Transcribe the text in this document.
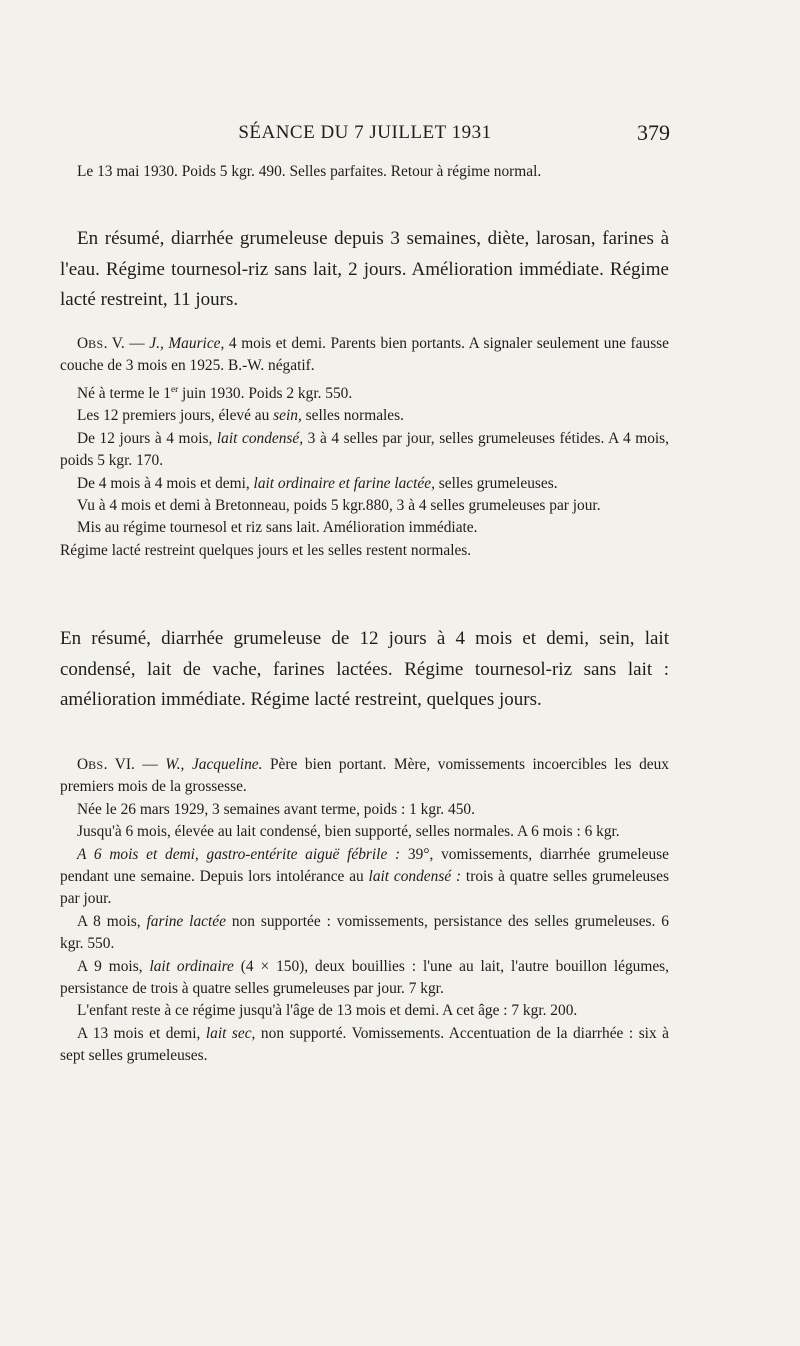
SÉANCE DU 7 JUILLET 1931	379

Le 13 mai 1930. Poids 5 kgr. 490. Selles parfaites. Retour à régime normal.

En résumé, diarrhée grumeleuse depuis 3 semaines, diète, larosan, farines à l'eau. Régime tournesol-riz sans lait, 2 jours. Amélioration immédiate. Régime lacté restreint, 11 jours.

OBS. V. — J., Maurice, 4 mois et demi. Parents bien portants. A signaler seulement une fausse couche de 3 mois en 1925. B.-W. négatif.

Né à terme le 1er juin 1930. Poids 2 kgr. 550.

Les 12 premiers jours, élevé au sein, selles normales.

De 12 jours à 4 mois, lait condensé, 3 à 4 selles par jour, selles grumeleuses fétides. A 4 mois, poids 5 kgr. 170.

De 4 mois à 4 mois et demi, lait ordinaire et farine lactée, selles grumeleuses.

Vu à 4 mois et demi à Bretonneau, poids 5 kgr.880, 3 à 4 selles grumeleuses par jour.

Mis au régime tournesol et riz sans lait. Amélioration immédiate.

Régime lacté restreint quelques jours et les selles restent normales.

En résumé, diarrhée grumeleuse de 12 jours à 4 mois et demi, sein, lait condensé, lait de vache, farines lactées. Régime tournesol-riz sans lait : amélioration immédiate. Régime lacté restreint, quelques jours.

OBS. VI. — W., Jacqueline. Père bien portant. Mère, vomissements incoercibles les deux premiers mois de la grossesse.

Née le 26 mars 1929, 3 semaines avant terme, poids : 1 kgr. 450.

Jusqu'à 6 mois, élevée au lait condensé, bien supporté, selles normales. A 6 mois : 6 kgr.

A 6 mois et demi, gastro-entérite aiguë fébrile : 39°, vomissements, diarrhée grumeleuse pendant une semaine. Depuis lors intolérance au lait condensé : trois à quatre selles grumeleuses par jour.

A 8 mois, farine lactée non supportée : vomissements, persistance des selles grumeleuses. 6 kgr. 550.

A 9 mois, lait ordinaire (4 × 150), deux bouillies : l'une au lait, l'autre bouillon légumes, persistance de trois à quatre selles grumeleuses par jour. 7 kgr.

L'enfant reste à ce régime jusqu'à l'âge de 13 mois et demi. A cet âge : 7 kgr. 200.

A 13 mois et demi, lait sec, non supporté. Vomissements. Accentuation de la diarrhée : six à sept selles grumeleuses.
